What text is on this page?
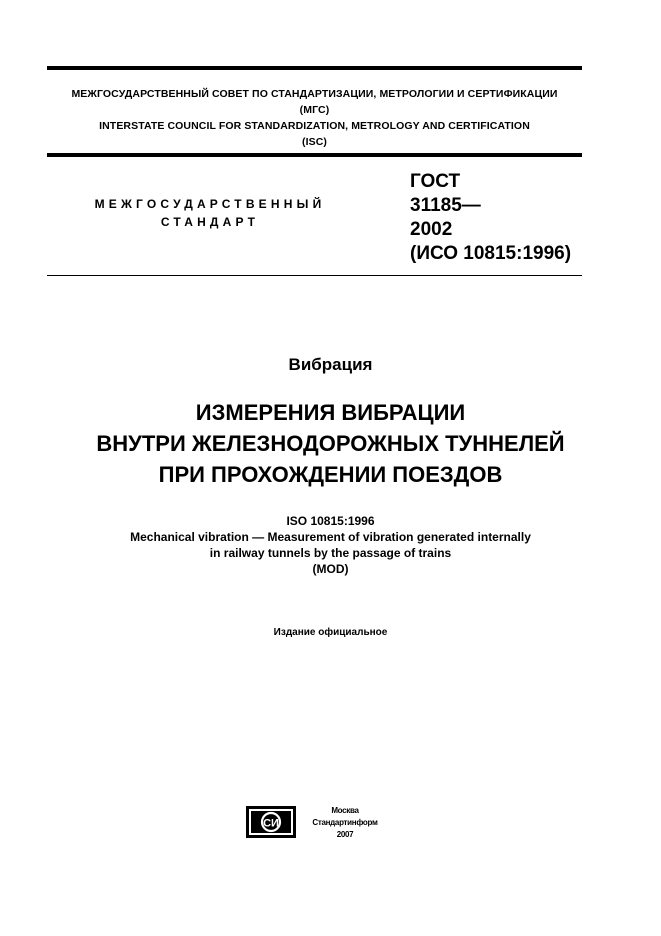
МЕЖГОСУДАРСТВЕННЫЙ СОВЕТ ПО СТАНДАРТИЗАЦИИ, МЕТРОЛОГИИ И СЕРТИФИКАЦИИ
(МГС)
INTERSTATE COUNCIL FOR STANDARDIZATION, METROLOGY AND CERTIFICATION
(ISC)
МЕЖГОСУДАРСТВЕННЫЙ
СТАНДАРТ
ГОСТ
31185—
2002
(ИСО 10815:1996)
Вибрация
ИЗМЕРЕНИЯ ВИБРАЦИИ
ВНУТРИ ЖЕЛЕЗНОДОРОЖНЫХ ТУННЕЛЕЙ
ПРИ ПРОХОЖДЕНИИ ПОЕЗДОВ
ISO 10815:1996
Mechanical vibration — Measurement of vibration generated internally
in railway tunnels by the passage of trains
(MOD)
Издание официальное
СИ
Москва
Стандартинформ
2007
